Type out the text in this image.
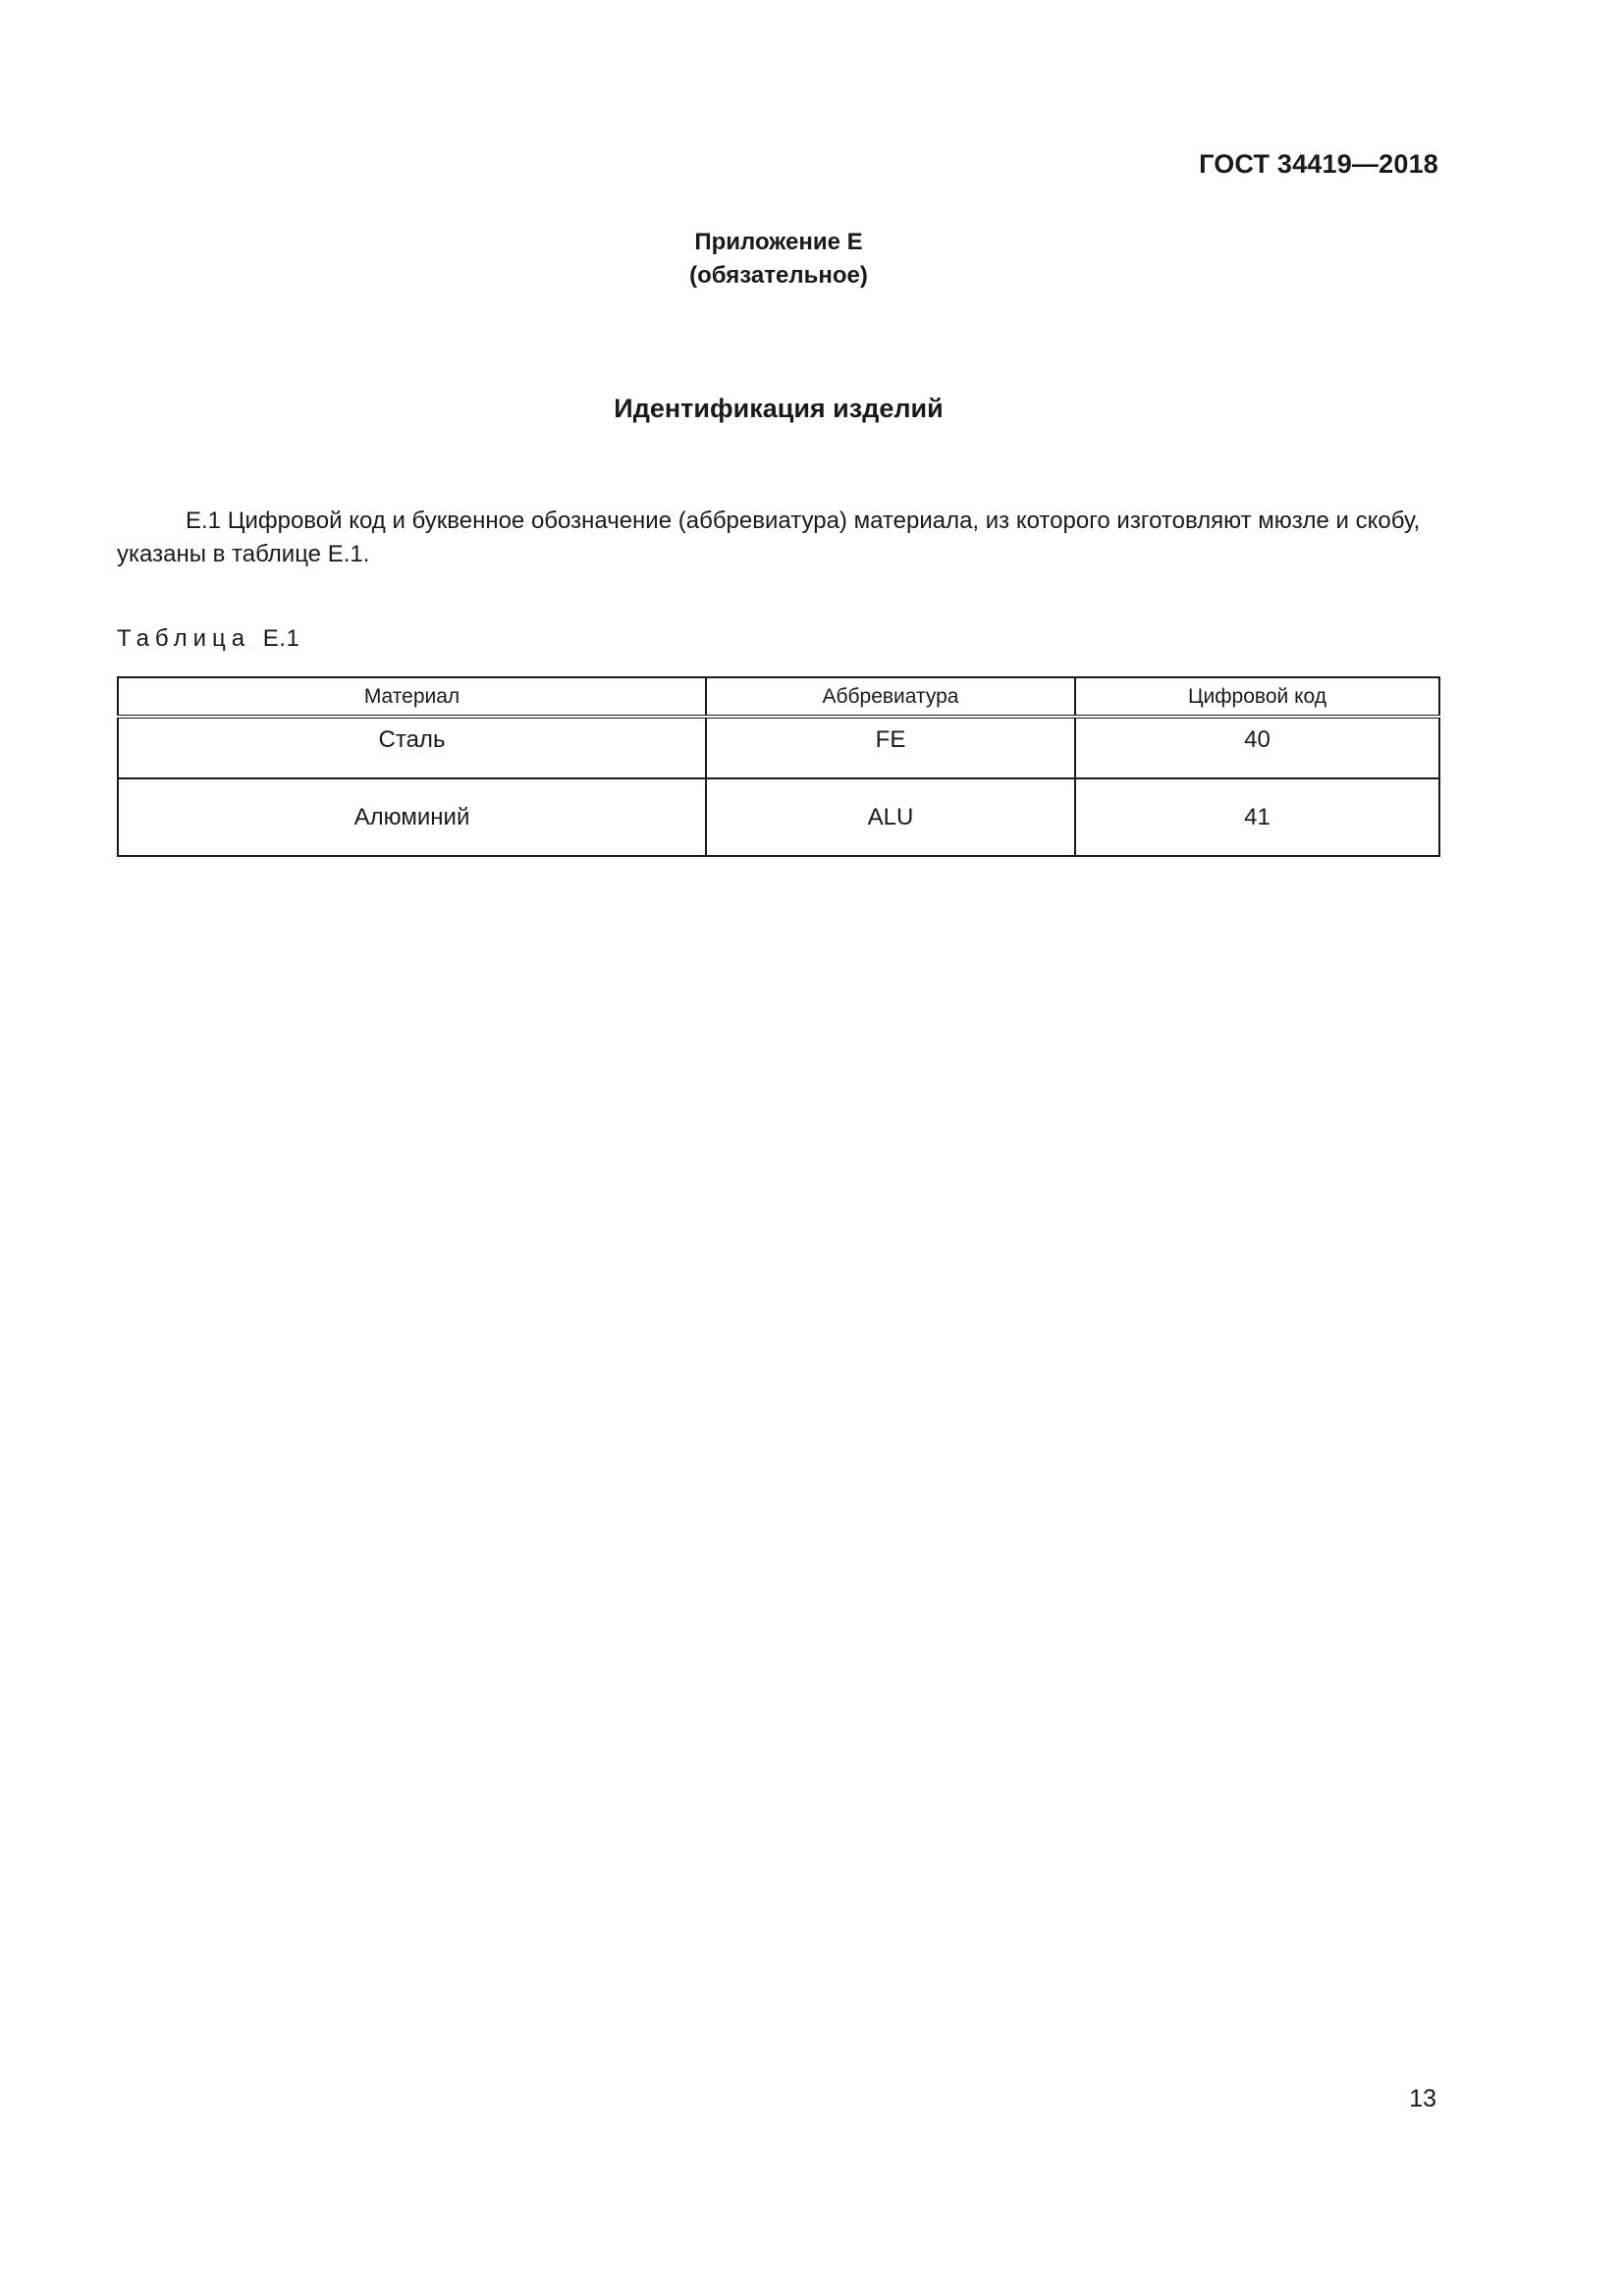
ГОСТ 34419—2018
Приложение Е
(обязательное)
Идентификация изделий
Е.1 Цифровой код и буквенное обозначение (аббревиатура) материала, из которого изготовляют мюзле и скобу, указаны в таблице Е.1.
Таблица Е.1
Материал	Аббревиатура	Цифровой код
Сталь	FE	40
Алюминий	ALU	41
13
